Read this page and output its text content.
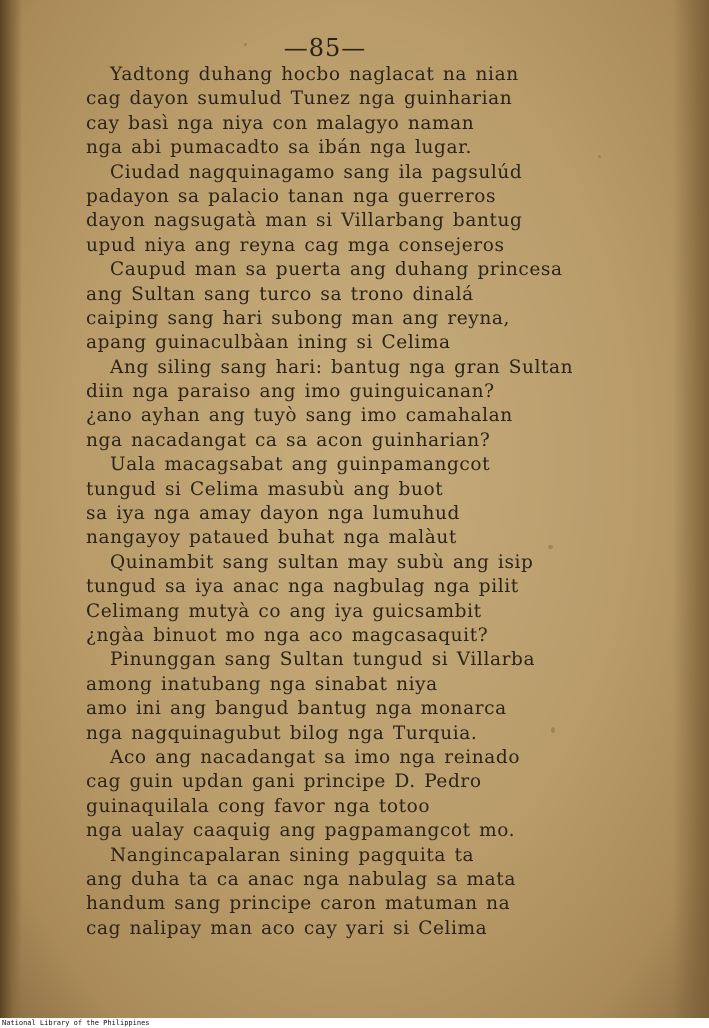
—85—
Yadtong duhang hocbo naglacat na nian
cag dayon sumulud Tunez nga guinharian
cay basì nga niya con malagyo naman
nga abi pumacadto sa ibán nga lugar.
Ciudad nagquinagamo sang ila pagsulúd
padayon sa palacio tanan nga guerreros
dayon nagsugatà man si Villarbang bantug
upud niya ang reyna cag mga consejeros
Caupud man sa puerta ang duhang princesa
ang Sultan sang turco sa trono dinalá
caiping sang hari subong man ang reyna,
apang guinaculbàan ining si Celima
Ang siling sang hari: bantug nga gran Sultan
diin nga paraiso ang imo guinguicanan?
¿ano ayhan ang tuyò sang imo camahalan
nga nacadangat ca sa acon guinharian?
Uala macagsabat ang guinpamangcot
tungud si Celima masubù ang buot
sa iya nga amay dayon nga lumuhud
nangayoy pataued buhat nga malàut
Quinambit sang sultan may subù ang isip
tungud sa iya anac nga nagbulag nga pilit
Celimang mutyà co ang iya guicsambit
¿ngàa binuot mo nga aco magcasaquit?
Pinunggan sang Sultan tungud si Villarba
among inatubang nga sinabat niya
amo ini ang bangud bantug nga monarca
nga nagquinagubut bilog nga Turquia.
Aco ang nacadangat sa imo nga reinado
cag guin updan gani principe D. Pedro
guinaquilala cong favor nga totoo
nga ualay caaquig ang pagpamangcot mo.
Nangincapalaran sining pagquita ta
ang duha ta ca anac nga nabulag sa mata
handum sang principe caron matuman na
cag nalipay man aco cay yari si Celima
National Library of the Philippines
